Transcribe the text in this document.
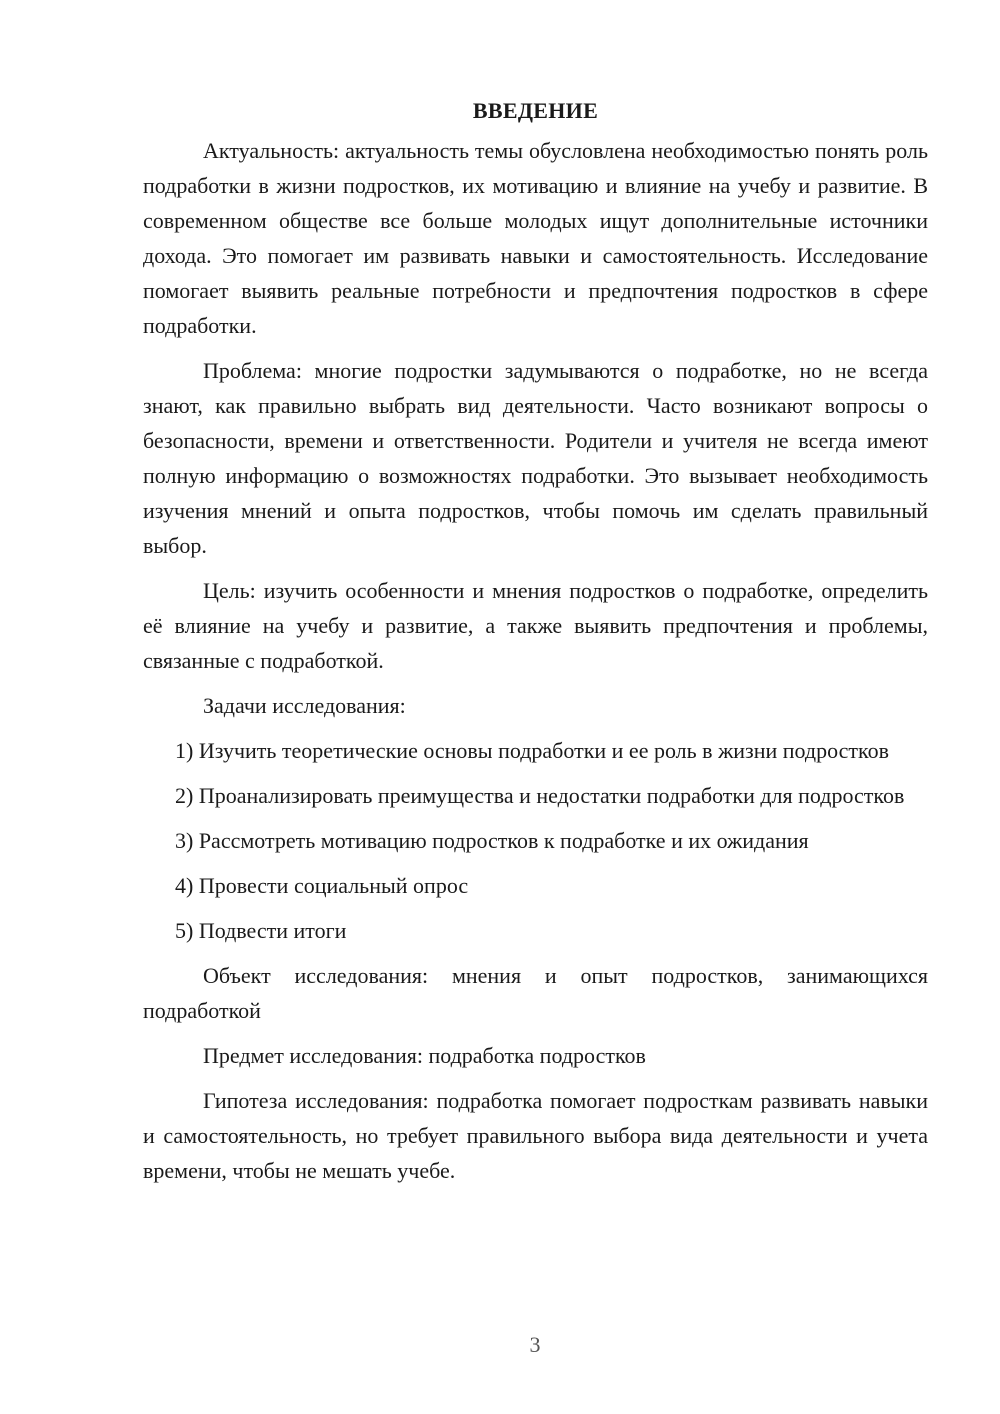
ВВЕДЕНИЕ

Актуальность: актуальность темы обусловлена необходимостью понять роль подработки в жизни подростков, их мотивацию и влияние на учебу и развитие. В современном обществе все больше молодых ищут дополнительные источники дохода. Это помогает им развивать навыки и самостоятельность. Исследование помогает выявить реальные потребности и предпочтения подростков в сфере подработки.

Проблема: многие подростки задумываются о подработке, но не всегда знают, как правильно выбрать вид деятельности. Часто возникают вопросы о безопасности, времени и ответственности. Родители и учителя не всегда имеют полную информацию о возможностях подработки. Это вызывает необходимость изучения мнений и опыта подростков, чтобы помочь им сделать правильный выбор.

Цель: изучить особенности и мнения подростков о подработке, определить её влияние на учебу и развитие, а также выявить предпочтения и проблемы, связанные с подработкой.

Задачи исследования:

1) Изучить теоретические основы подработки и ее роль в жизни подростков

2) Проанализировать преимущества и недостатки подработки для подростков

3) Рассмотреть мотивацию подростков к подработке и их ожидания

4) Провести социальный опрос

5) Подвести итоги

Объект исследования: мнения и опыт подростков, занимающихся подработкой

Предмет исследования: подработка подростков

Гипотеза исследования: подработка помогает подросткам развивать навыки и самостоятельность, но требует правильного выбора вида деятельности и учета времени, чтобы не мешать учебе.

3
